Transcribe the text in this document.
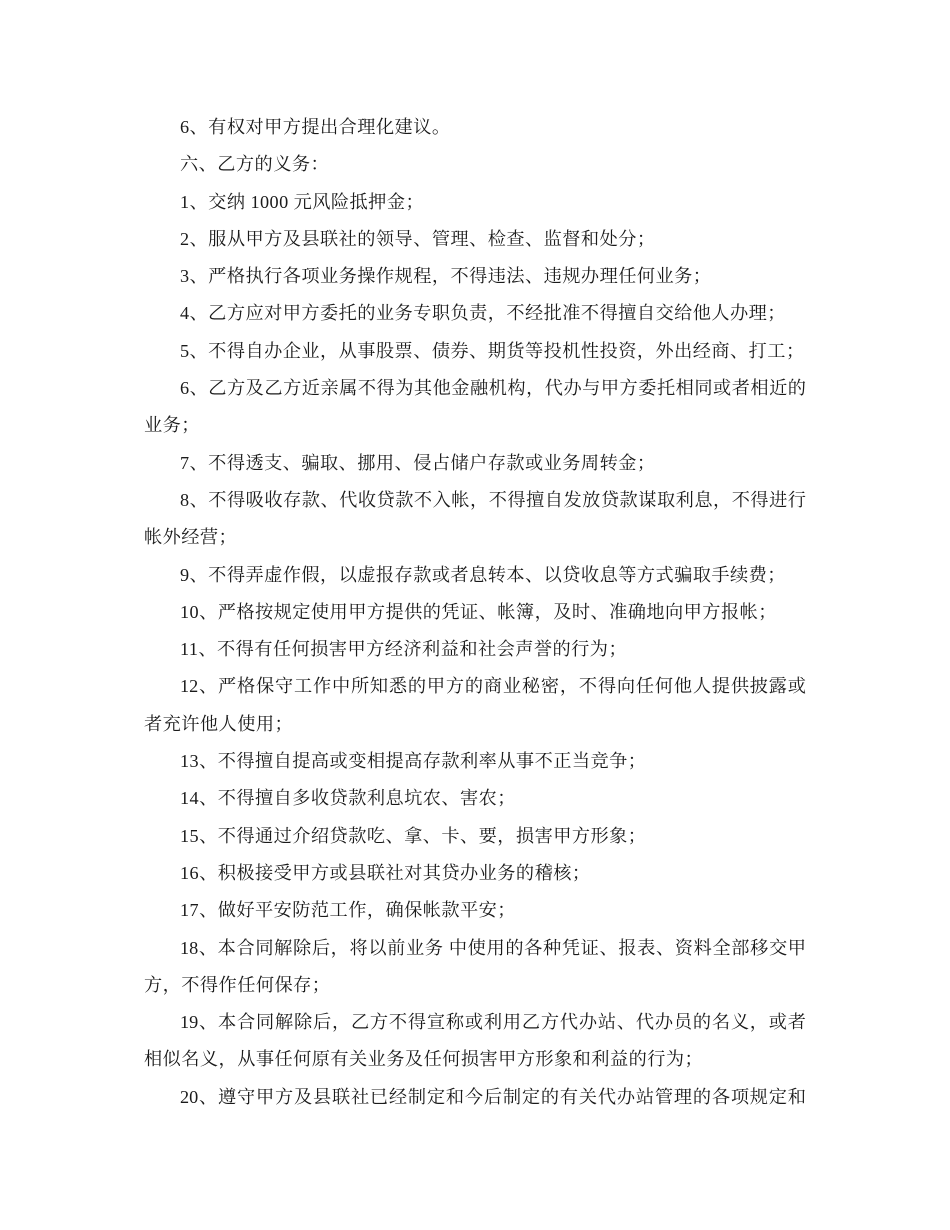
6、有权对甲方提出合理化建议。
六、乙方的义务：
1、交纳 1000 元风险抵押金；
2、服从甲方及县联社的领导、管理、检查、监督和处分；
3、严格执行各项业务操作规程，不得违法、违规办理任何业务；
4、乙方应对甲方委托的业务专职负责，不经批准不得擅自交给他人办理；
5、不得自办企业，从事股票、债券、期货等投机性投资，外出经商、打工；
6、乙方及乙方近亲属不得为其他金融机构，代办与甲方委托相同或者相近的
业务；
7、不得透支、骗取、挪用、侵占储户存款或业务周转金；
8、不得吸收存款、代收贷款不入帐，不得擅自发放贷款谋取利息，不得进行
帐外经营；
9、不得弄虚作假，以虚报存款或者息转本、以贷收息等方式骗取手续费；
10、严格按规定使用甲方提供的凭证、帐簿，及时、准确地向甲方报帐；
11、不得有任何损害甲方经济利益和社会声誉的行为；
12、严格保守工作中所知悉的甲方的商业秘密，不得向任何他人提供披露或
者充许他人使用；
13、不得擅自提高或变相提高存款利率从事不正当竞争；
14、不得擅自多收贷款利息坑农、害农；
15、不得通过介绍贷款吃、拿、卡、要，损害甲方形象；
16、积极接受甲方或县联社对其贷办业务的稽核；
17、做好平安防范工作，确保帐款平安；
18、本合同解除后，将以前业务 中使用的各种凭证、报表、资料全部移交甲
方，不得作任何保存；
19、本合同解除后，乙方不得宣称或利用乙方代办站、代办员的名义，或者
相似名义，从事任何原有关业务及任何损害甲方形象和利益的行为；
20、遵守甲方及县联社已经制定和今后制定的有关代办站管理的各项规定和
